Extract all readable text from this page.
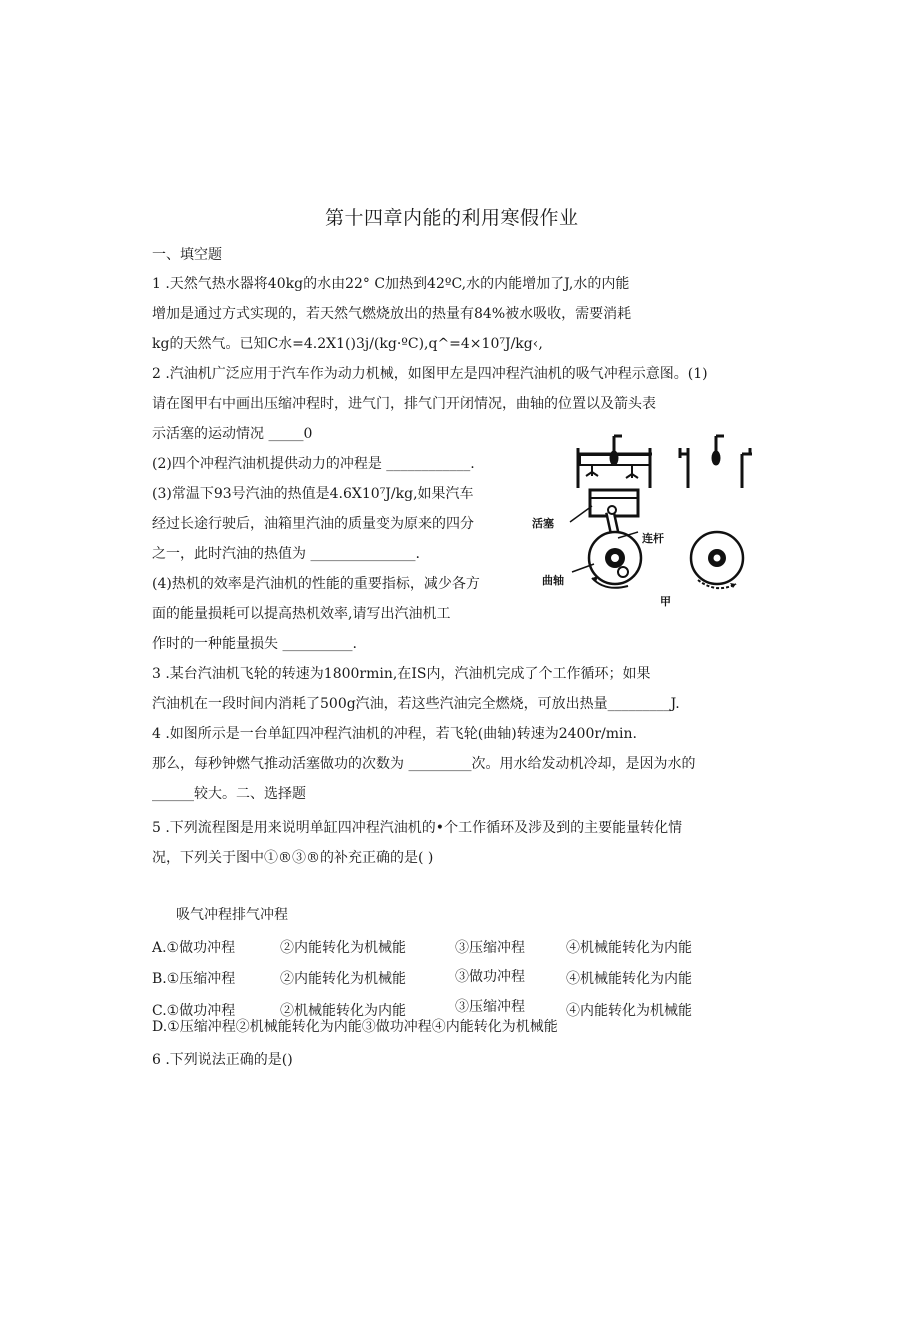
第十四章内能的利用寒假作业
一、填空题
1 .天然气热水器将40kg的水由22° C加热到42ºC,水的内能增加了J,水的内能
增加是通过方式实现的，若天然气燃烧放出的热量有84%被水吸收，需要消耗
kg的天然气。已知C水=4.2X1()3j/(kg·ºC),q^=4×10⁷J/kg‹,
2 .汽油机广泛应用于汽车作为动力机械，如图甲左是四冲程汽油机的吸气冲程示意图。(1)
请在图甲右中画出压缩冲程时，进气门，排气门开闭情况，曲轴的位置以及箭头表
示活塞的运动情况 _____0
(2)四个冲程汽油机提供动力的冲程是 ____________.
(3)常温下93号汽油的热值是4.6X10⁷J/kg,如果汽车
经过长途行驶后，油箱里汽油的质量变为原来的四分
之一，此时汽油的热值为 _______________.
(4)热机的效率是汽油机的性能的重要指标，减少各方
面的能量损耗可以提高热机效率,请写出汽油机工
作时的一种能量损失 __________.
活塞
连杆
曲轴
甲
3 .某台汽油机飞轮的转速为1800rmin,在IS内，汽油机完成了个工作循环；如果
汽油机在一段时间内消耗了500g汽油，若这些汽油完全燃烧，可放出热量_________J.
4 .如图所示是一台单缸四冲程汽油机的冲程，若飞轮(曲轴)转速为2400r/min.
那么，每秒钟燃气推动活塞做功的次数为 _________次。用水给发动机冷却，是因为水的
______较大。二、选择题
5 .下列流程图是用来说明单缸四冲程汽油机的•个工作循环及涉及到的主要能量转化情
况，下列关于图中①®③®的补充正确的是( )
吸气冲程排气冲程
A.①做功冲程	②内能转化为机械能	③压缩冲程	④机械能转化为内能
B.①压缩冲程	②内能转化为机械能	③做功冲程	④机械能转化为内能
C.①做功冲程	②机械能转化为内能	③压缩冲程	④内能转化为机械能
D.①压缩冲程②机械能转化为内能③做功冲程④内能转化为机械能
6 .下列说法正确的是()
